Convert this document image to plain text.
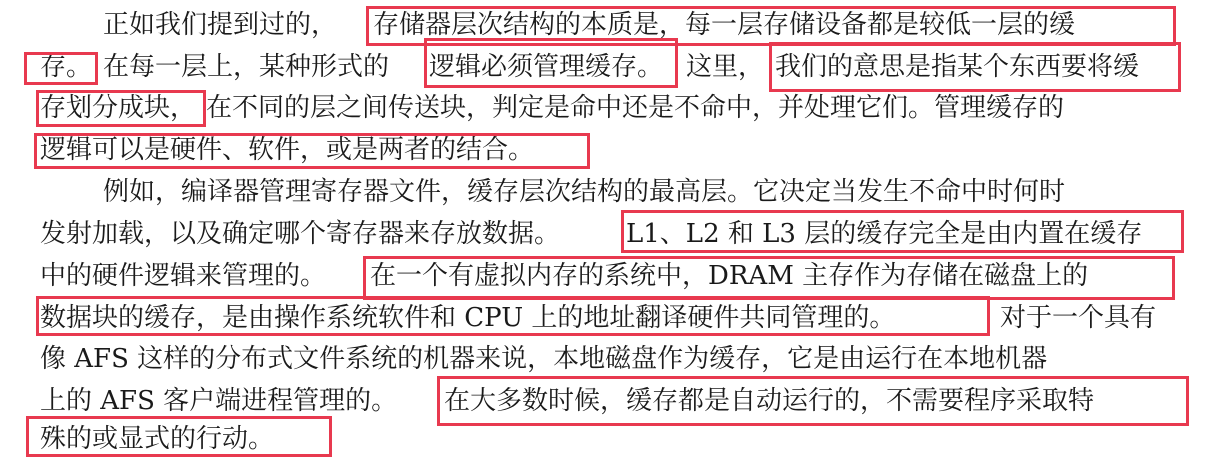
正如我们提到过的， 存储器层次结构的本质是，每一层存储设备都是较低一层的缓
存。 在每一层上，某种形式的 逻辑必须管理缓存。 这里， 我们的意思是指某个东西要将缓
存划分成块， 在不同的层之间传送块，判定是命中还是不命中，并处理它们。管理缓存的
逻辑可以是硬件、软件，或是两者的结合。
例如，编译器管理寄存器文件，缓存层次结构的最高层。它决定当发生不命中时何时
发射加载，以及确定哪个寄存器来存放数据。	L1、L2 和 L3 层的缓存完全是由内置在缓存
中的硬件逻辑来管理的。 在一个有虚拟内存的系统中，DRAM 主存作为存储在磁盘上的
数据块的缓存，是由操作系统软件和 CPU 上的地址翻译硬件共同管理的。	对于一个具有
像 AFS 这样的分布式文件系统的机器来说，本地磁盘作为缓存，它是由运行在本地机器
上的 AFS 客户端进程管理的。 在大多数时候，缓存都是自动运行的，不需要程序采取特
殊的或显式的行动。
